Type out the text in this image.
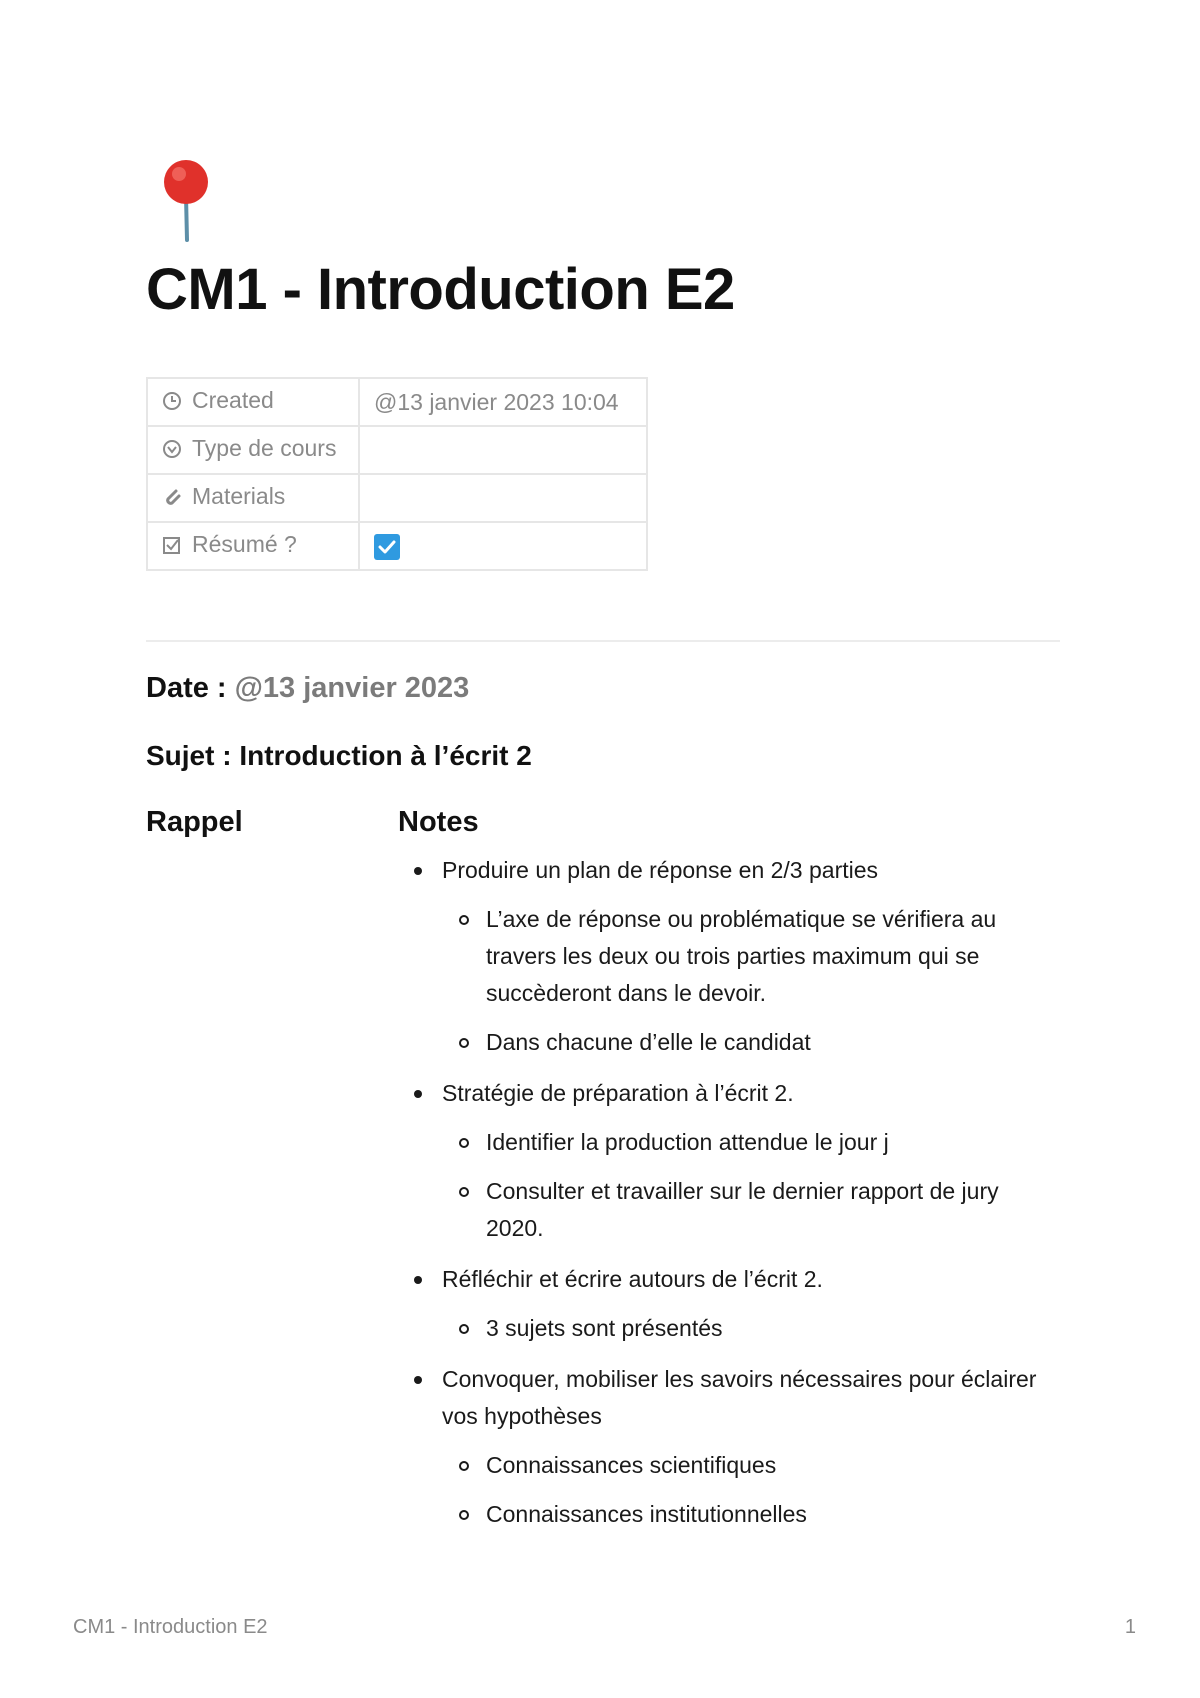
CM1 - Introduction E2
Created	@13 janvier 2023 10:04
Type de cours	
Materials	
Résumé ?	
Date : @13 janvier 2023
Sujet : Introduction à l’écrit 2
Rappel	Notes
Produire un plan de réponse en 2/3 parties
L’axe de réponse ou problématique se vérifiera au travers les deux ou trois parties maximum qui se succèderont dans le devoir.
Dans chacune d’elle le candidat
Stratégie de préparation à l’écrit 2.
Identifier la production attendue le jour j
Consulter et travailler sur le dernier rapport de jury 2020.
Réfléchir et écrire autours de l’écrit 2.
3 sujets sont présentés
Convoquer, mobiliser les savoirs nécessaires pour éclairer vos hypothèses
Connaissances scientifiques
Connaissances institutionnelles
CM1 - Introduction E2	1
